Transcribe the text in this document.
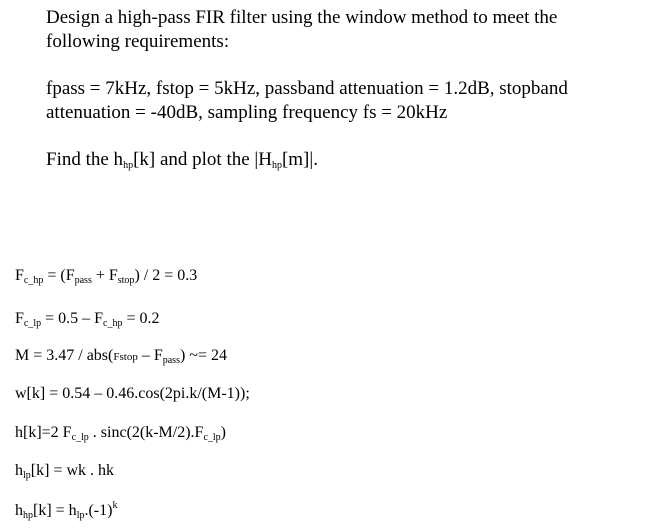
Design a high-pass FIR filter using the window method to meet the
following requirements:

fpass = 7kHz, fstop = 5kHz, passband attenuation = 1.2dB, stopband
attenuation = -40dB, sampling frequency fs = 20kHz

Find the $h_{hp}[k]$ and plot the $|H_{hp}[m]|$.

$F_{c\_hp} = (F_{pass} + F_{stop}) / 2 = 0.3$
$F_{c\_lp} = 0.5 - F_{c\_hp} = 0.2$
M = 3.47 / abs(Fstop – $F_{pass}$) ~= 24
w[k] = 0.54 – 0.46.cos(2pi.k/(M-1));
h[k]=2 $F_{c\_lp}$ . $\sin c(2(k-M/2).F_{c\_lp})$
$h_{lp}[k]$ = wk . hk
$h_{hp}[k] = h_{lp}.(-1)^k$
